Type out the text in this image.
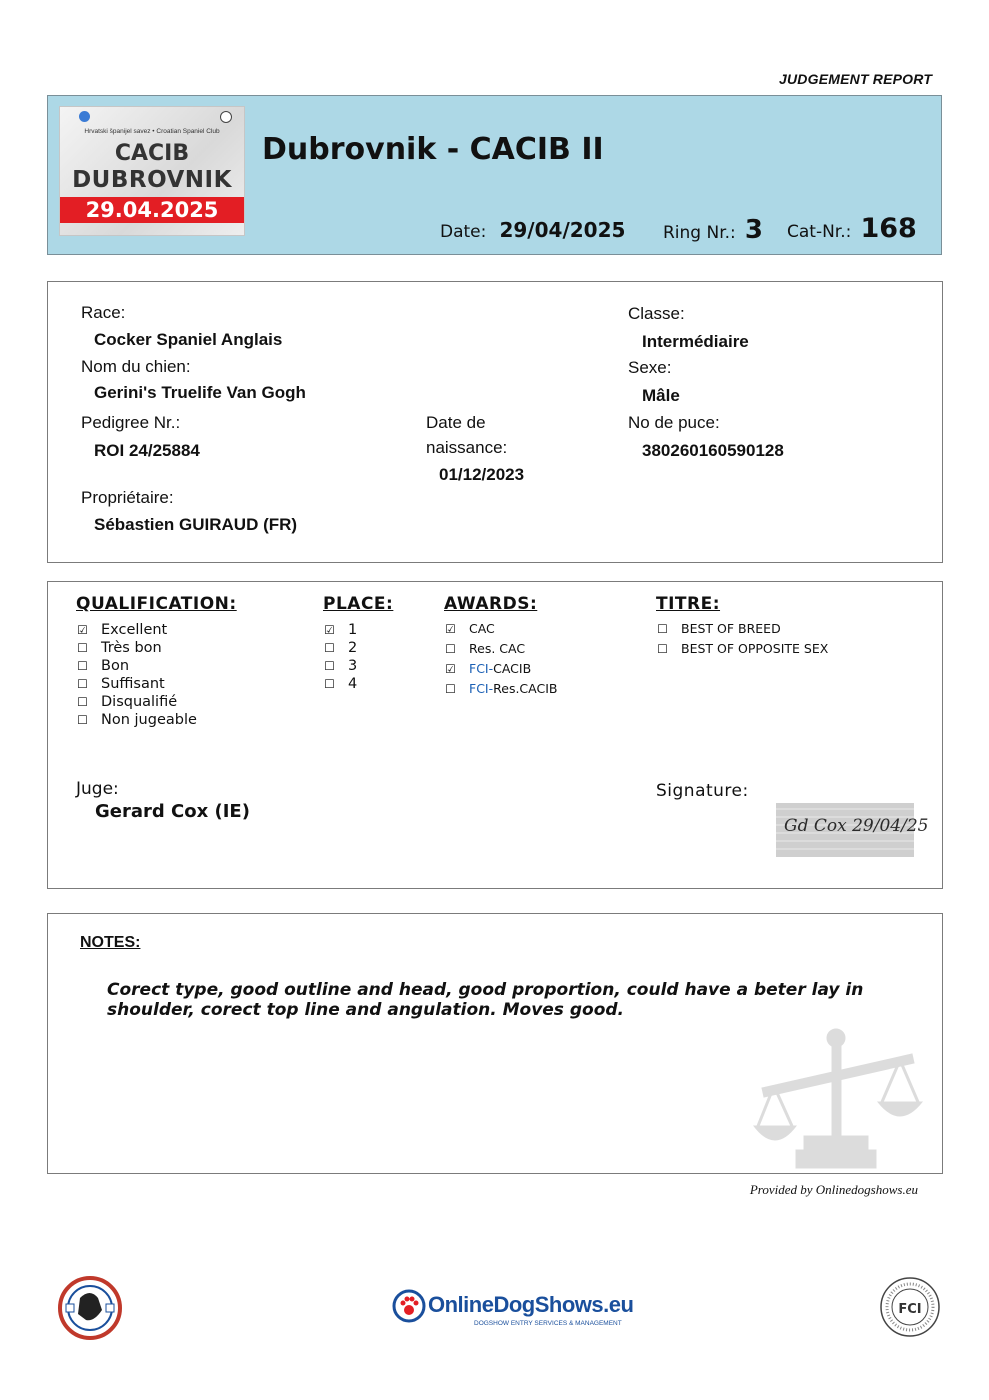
JUDGEMENT REPORT
Hrvatski španijel savez • Croatian Spaniel Club
CACIB
DUBROVNIK
29.04.2025
Dubrovnik - CACIB II
Date: 29/04/2025 Ring Nr.: 3 Cat-Nr.: 168
Race:
Cocker Spaniel Anglais
Nom du chien:
Gerini's Truelife Van Gogh
Pedigree Nr.:
ROI 24/25884
Date de
naissance:
01/12/2023
Propriétaire:
Sébastien GUIRAUD (FR)
Classe:
Intermédiaire
Sexe:
Mâle
No de puce:
380260160590128
QUALIFICATION:
☑ Excellent
☐ Très bon
☐ Bon
☐ Suffisant
☐ Disqualifié
☐ Non jugeable
PLACE:
☑ 1
☐ 2
☐ 3
☐ 4
AWARDS:
☑ CAC
☐ Res. CAC
☑ FCI-CACIB
☐ FCI-Res.CACIB
TITRE:
☐ BEST OF BREED
☐ BEST OF OPPOSITE SEX
Juge:
Gerard Cox (IE)
Signature:
Gd Cox 29/04/25
NOTES:
Corect type, good outline and head, good proportion, could have a beter lay in
shoulder, corect top line and angulation. Moves good.
Provided by Onlinedogshows.eu
OnlineDogShows.eu
DOGSHOW ENTRY SERVICES & MANAGEMENT
FCI
